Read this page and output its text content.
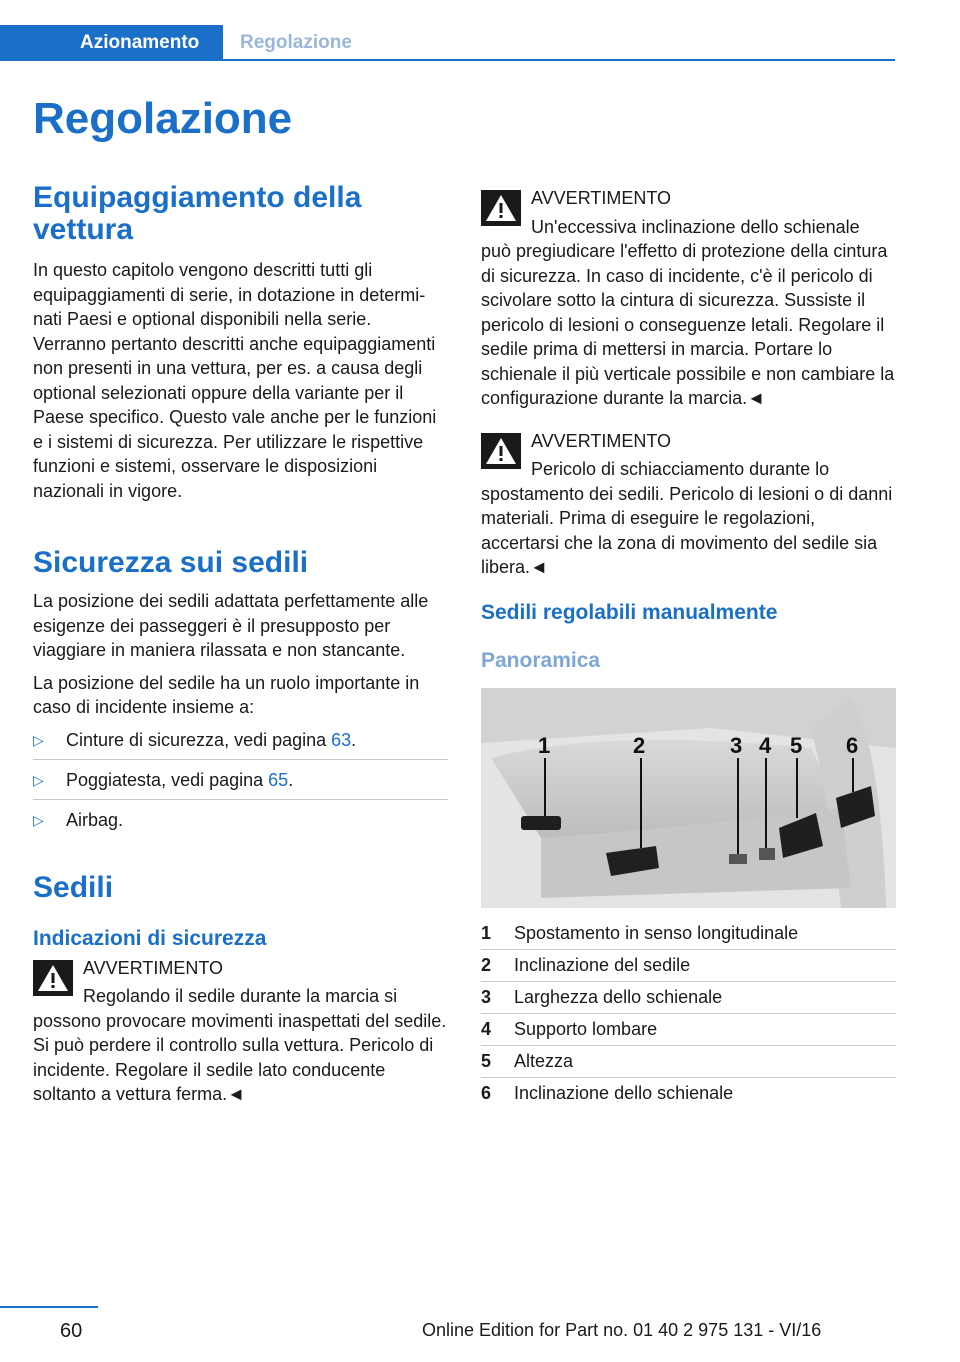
Azionamento	Regolazione
Regolazione
Equipaggiamento della vettura

In questo capitolo vengono descritti tutti gli equipaggiamenti di serie, in dotazione in determinati Paesi e optional disponibili nella serie. Verranno pertanto descritti anche equipaggiamenti non presenti in una vettura, per es. a causa degli optional selezionati oppure della variante per il Paese specifico. Questo vale anche per le funzioni e i sistemi di sicurezza. Per utilizzare le rispettive funzioni e sistemi, osservare le disposizioni nazionali in vigore.

Sicurezza sui sedili

La posizione dei sedili adattata perfettamente alle esigenze dei passeggeri è il presupposto per viaggiare in maniera rilassata e non stancante.

La posizione del sedile ha un ruolo importante in caso di incidente insieme a:

▷ Cinture di sicurezza, vedi pagina 63.
▷ Poggiatesta, vedi pagina 65.
▷ Airbag.
Sedili
Indicazioni di sicurezza
AVVERTIMENTO
Regolando il sedile durante la marcia si

possono provocare movimenti inaspettati del sedile. Si può perdere il controllo sulla vettura. Pericolo di incidente. Regolare il sedile lato conducente soltanto a vettura ferma.◄

AVVERTIMENTO
Un'eccessiva inclinazione dello schienale

può pregiudicare l'effetto di protezione della cintura di sicurezza. In caso di incidente, c'è il pericolo di scivolare sotto la cintura di sicurezza. Sussiste il pericolo di lesioni o conseguenze letali. Regolare il sedile prima di mettersi in marcia. Portare lo schienale il più verticale possibile e non cambiare la configurazione durante la marcia.◄

AVVERTIMENTO
Pericolo di schiacciamento durante lo

spostamento dei sedili. Pericolo di lesioni o di danni materiali. Prima di eseguire le regolazioni, accertarsi che la zona di movimento del sedile sia libera.◄

Sedili regolabili manualmente
Panoramica
1	2	3 4 5 6
1 Spostamento in senso longitudinale
2 Inclinazione del sedile
3 Larghezza dello schienale
4 Supporto lombare
5 Altezza
6 Inclinazione dello schienale
60	Online Edition for Part no. 01 40 2 975 131 - VI/16
